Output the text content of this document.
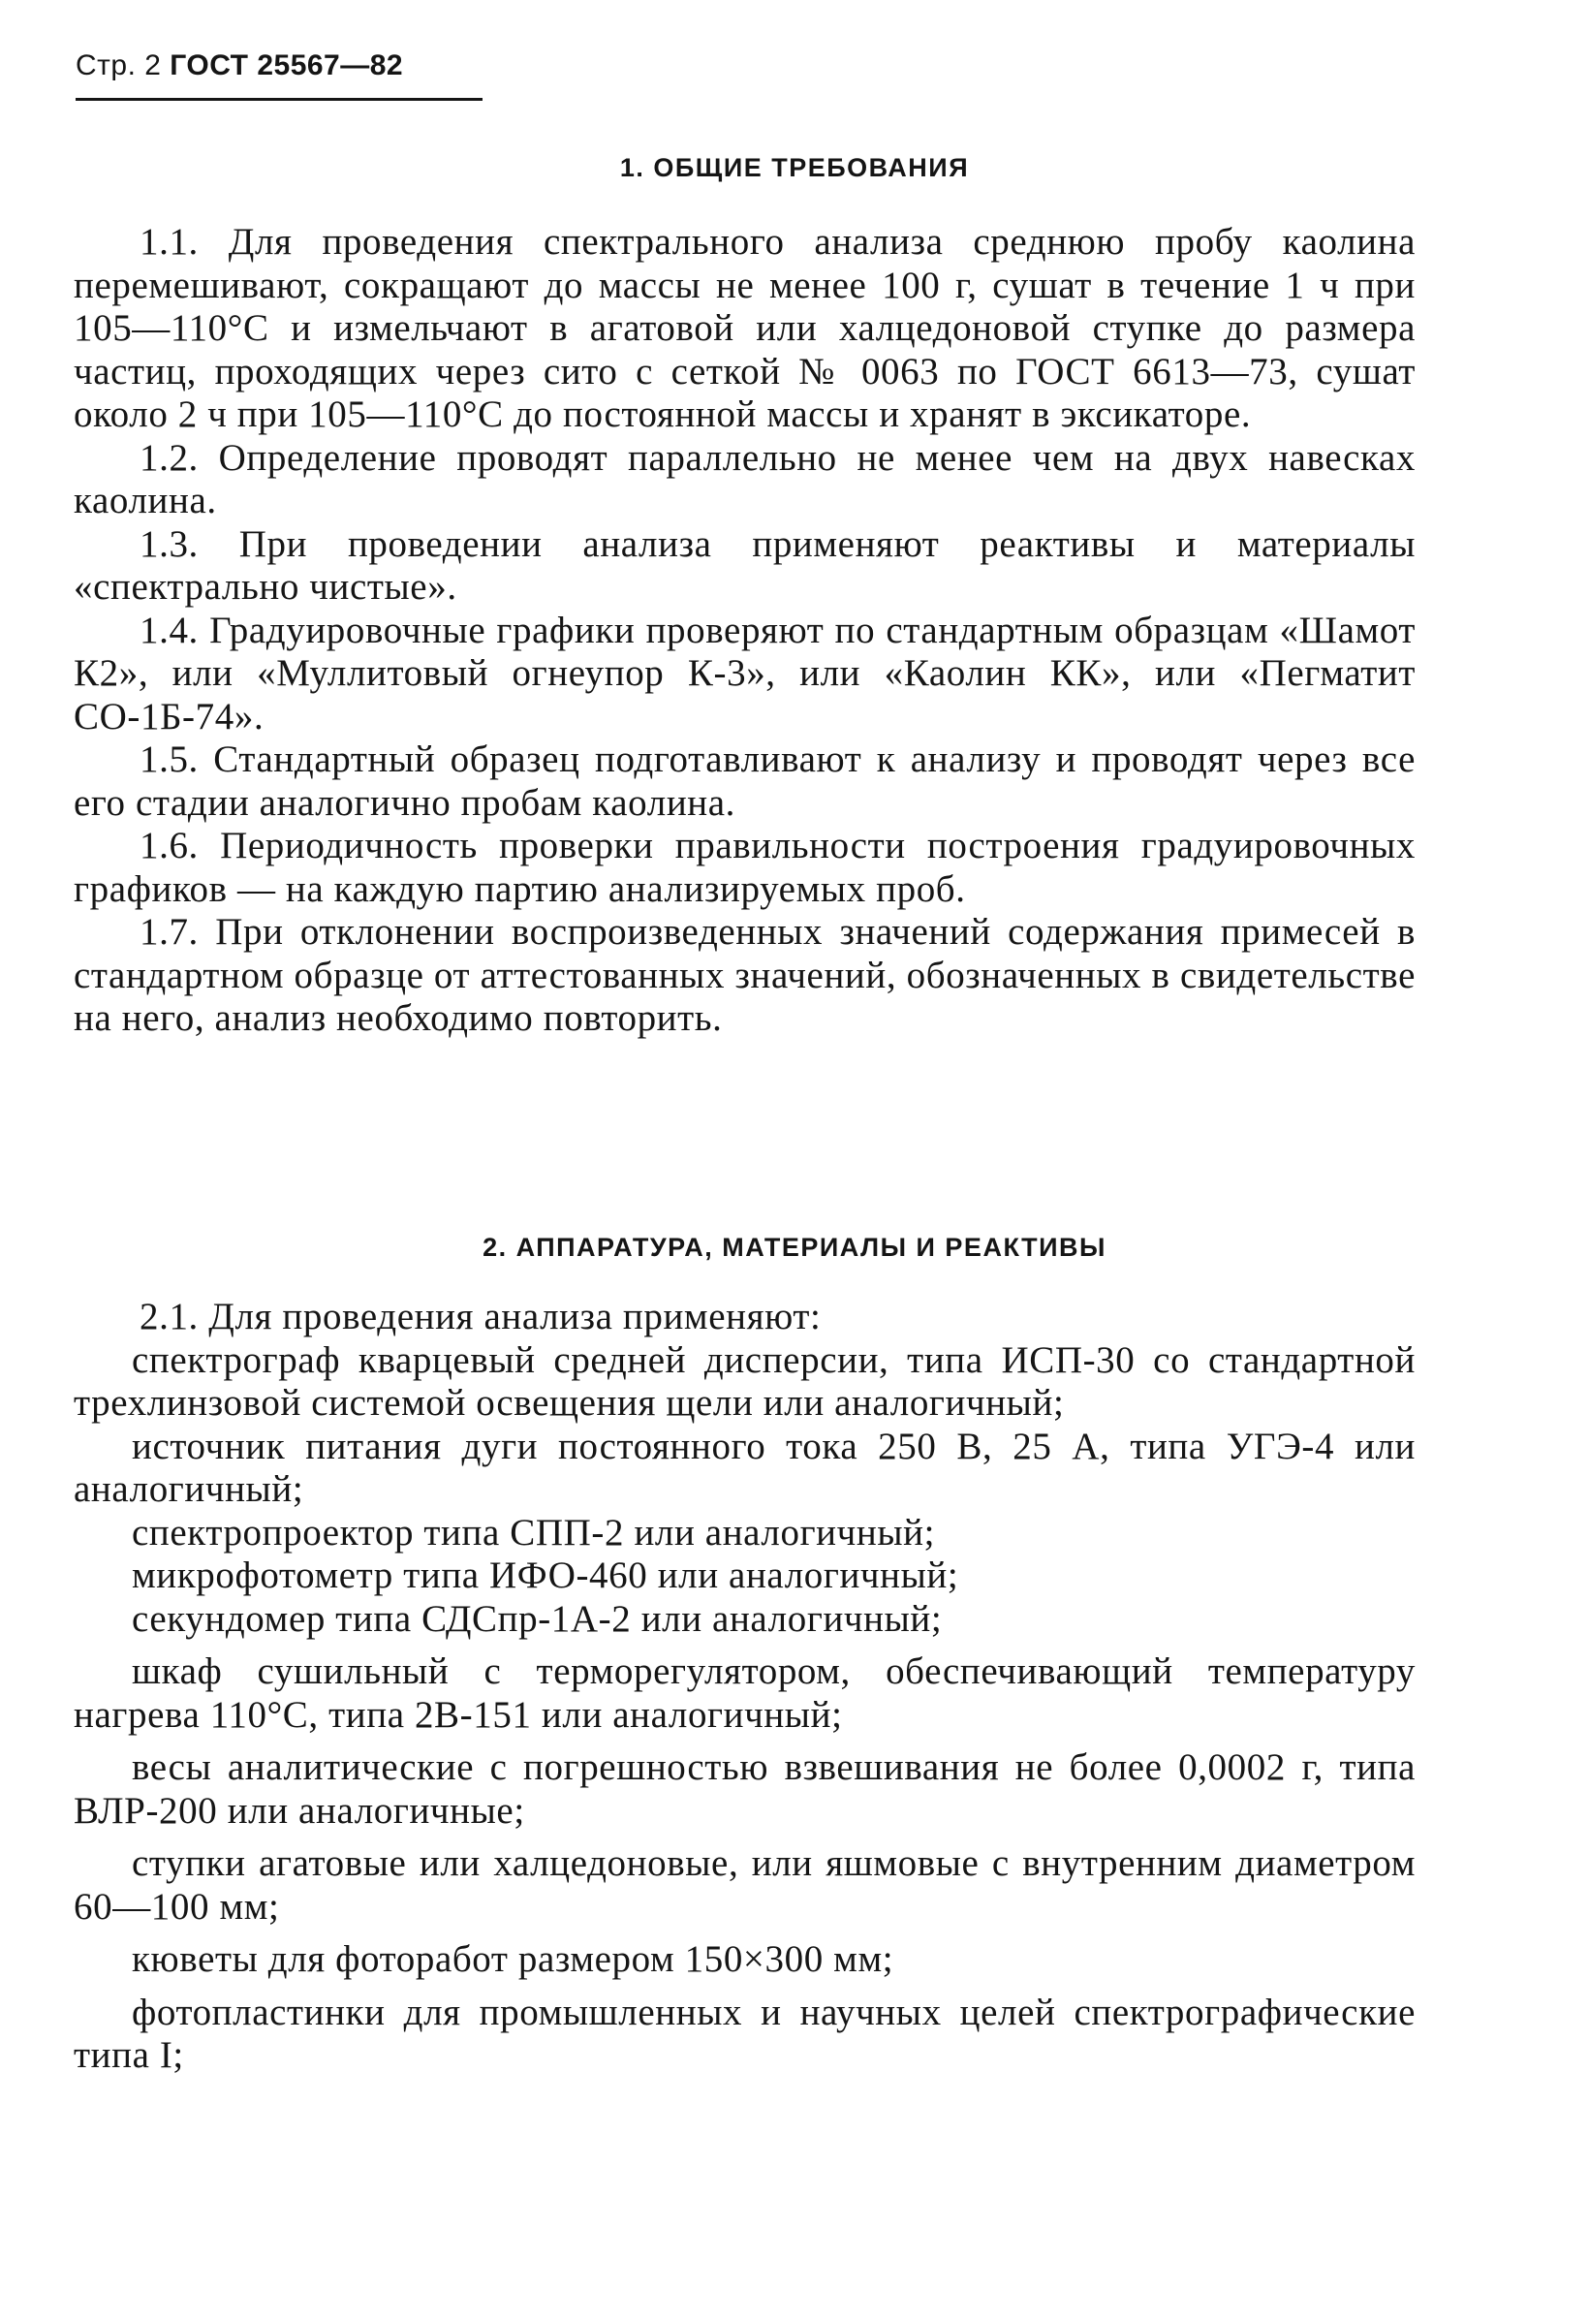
Стр. 2 ГОСТ 25567—82
1. ОБЩИЕ ТРЕБОВАНИЯ

1.1. Для проведения спектрального анализа среднюю пробу каолина перемешивают, сокращают до массы не менее 100 г, сушат в течение 1 ч при 105—110°С и измельчают в агатовой или халцедоновой ступке до размера частиц, проходящих через сито с сеткой № 0063 по ГОСТ 6613—73, сушат около 2 ч при 105—110°С до постоянной массы и хранят в эксикаторе.

1.2. Определение проводят параллельно не менее чем на двух навесках каолина.

1.3. При проведении анализа применяют реактивы и материалы «спектрально чистые».

1.4. Градуировочные графики проверяют по стандартным образцам «Шамот К2», или «Муллитовый огнеупор К-3», или «Каолин КК», или «Пегматит СО-1Б-74».

1.5. Стандартный образец подготавливают к анализу и проводят через все его стадии аналогично пробам каолина.

1.6. Периодичность проверки правильности построения градуировочных графиков — на каждую партию анализируемых проб.

1.7. При отклонении воспроизведенных значений содержания примесей в стандартном образце от аттестованных значений, обозначенных в свидетельстве на него, анализ необходимо повторить.

2. АППАРАТУРА, МАТЕРИАЛЫ И РЕАКТИВЫ

2.1. Для проведения анализа применяют:

спектрограф кварцевый средней дисперсии, типа ИСП-30 со стандартной трехлинзовой системой освещения щели или аналогичный;

источник питания дуги постоянного тока 250 В, 25 А, типа УГЭ-4 или аналогичный;

спектропроектор типа СПП-2 или аналогичный;

микрофотометр типа ИФО-460 или аналогичный;

секундомер типа СДСпр-1А-2 или аналогичный;

шкаф сушильный с терморегулятором, обеспечивающий температуру нагрева 110°С, типа 2В-151 или аналогичный;

весы аналитические с погрешностью взвешивания не более 0,0002 г, типа ВЛР-200 или аналогичные;

ступки агатовые или халцедоновые, или яшмовые с внутренним диаметром 60—100 мм;

кюветы для фоторабот размером 150×300 мм;

фотопластинки для промышленных и научных целей спектрографические типа I;
